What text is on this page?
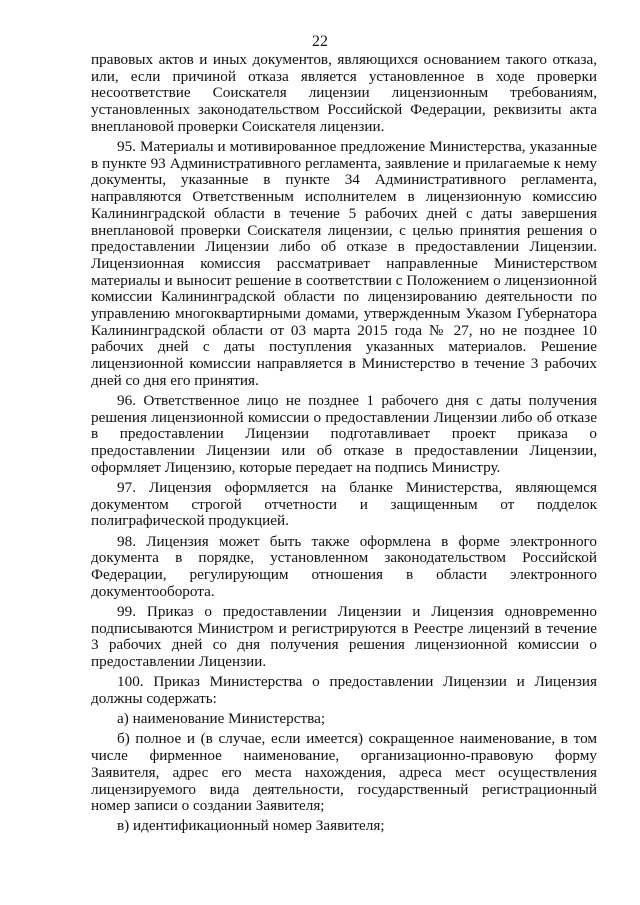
22

правовых актов и иных документов, являющихся основанием такого отказа, или, если причиной отказа является установленное в ходе проверки несоответствие Соискателя лицензии лицензионным требованиям, установленных законодательством Российской Федерации, реквизиты акта внеплановой проверки Соискателя лицензии.

95. Материалы и мотивированное предложение Министерства, указанные в пункте 93 Административного регламента, заявление и прилагаемые к нему документы, указанные в пункте 34 Административного регламента, направляются Ответственным исполнителем в лицензионную комиссию Калининградской области в течение 5 рабочих дней с даты завершения внеплановой проверки Соискателя лицензии, с целью принятия решения о предоставлении Лицензии либо об отказе в предоставлении Лицензии. Лицензионная комиссия рассматривает направленные Министерством материалы и выносит решение в соответствии с Положением о лицензионной комиссии Калининградской области по лицензированию деятельности по управлению многоквартирными домами, утвержденным Указом Губернатора Калининградской области от 03 марта 2015 года № 27, но не позднее 10 рабочих дней с даты поступления указанных материалов. Решение лицензионной комиссии направляется в Министерство в течение 3 рабочих дней со дня его принятия.

96. Ответственное лицо не позднее 1 рабочего дня с даты получения решения лицензионной комиссии о предоставлении Лицензии либо об отказе в предоставлении Лицензии подготавливает проект приказа о предоставлении Лицензии или об отказе в предоставлении Лицензии, оформляет Лицензию, которые передает на подпись Министру.

97. Лицензия оформляется на бланке Министерства, являющемся документом строгой отчетности и защищенным от подделок полиграфической продукцией.

98. Лицензия может быть также оформлена в форме электронного документа в порядке, установленном законодательством Российской Федерации, регулирующим отношения в области электронного документооборота.

99. Приказ о предоставлении Лицензии и Лицензия одновременно подписываются Министром и регистрируются в Реестре лицензий в течение 3 рабочих дней со дня получения решения лицензионной комиссии о предоставлении Лицензии.

100. Приказ Министерства о предоставлении Лицензии и Лицензия должны содержать:

а) наименование Министерства;

б) полное и (в случае, если имеется) сокращенное наименование, в том числе фирменное наименование, организационно-правовую форму Заявителя, адрес его места нахождения, адреса мест осуществления лицензируемого вида деятельности, государственный регистрационный номер записи о создании Заявителя;

в) идентификационный номер Заявителя;
